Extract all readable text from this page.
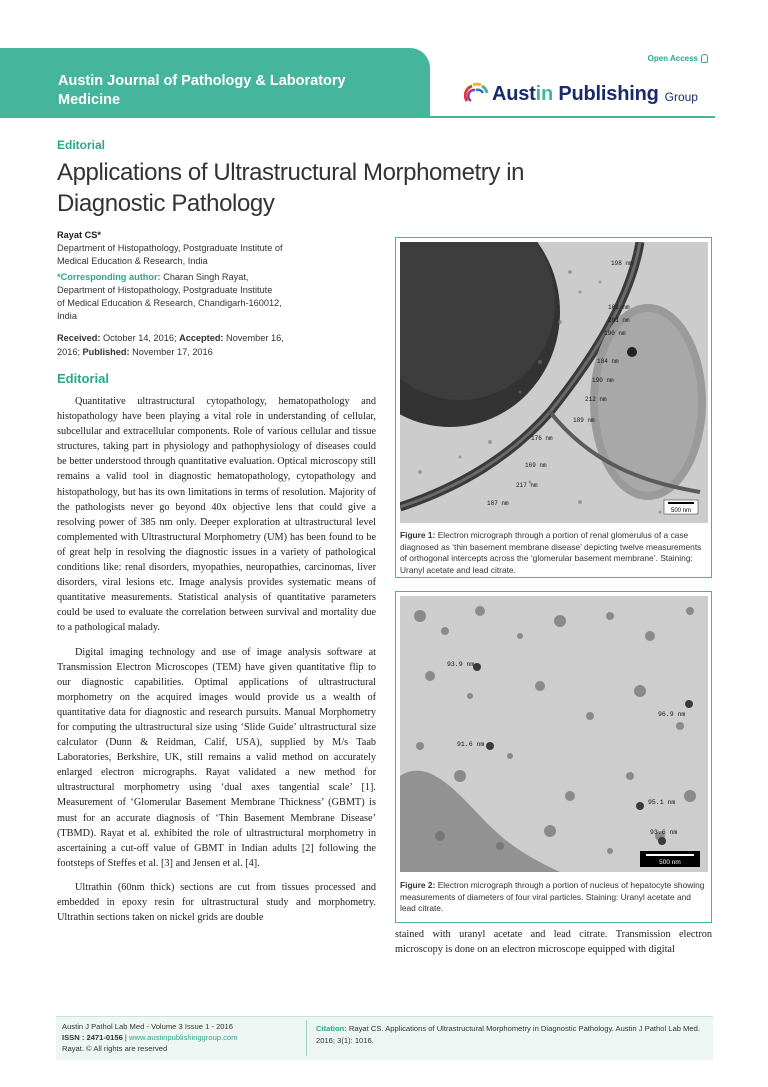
Austin Journal of Pathology & Laboratory
Medicine
Open Access
Austin Publishing Group
Editorial
Applications of Ultrastructural Morphometry in
Diagnostic Pathology
Rayat CS*
Department of Histopathology, Postgraduate Institute of
Medical Education & Research, India
*Corresponding author: Charan Singh Rayat,
Department of Histopathology, Postgraduate Institute
of Medical Education & Research, Chandigarh-160012,
India
Received: October 14, 2016; Accepted: November 16,
2016; Published: November 17, 2016
Editorial

Quantitative ultrastructural cytopathology, hematopathology and histopathology have been playing a vital role in understanding of cellular, subcellular and extracellular components. Role of various cellular and tissue structures, taking part in physiology and pathophysiology of diseases could be better understood through quantitative evaluation. Optical microscopy still remains a valid tool in diagnostic hematopathology, cytopathology and histopathology, but has its own limitations in terms of resolution. Majority of the pathologists never go beyond 40x objective lens that could give a resolving power of 385 nm only. Deeper exploration at ultrastructural level complemented with Ultrastructural Morphometry (UM) has been found to be of great help in resolving the diagnostic issues in a variety of pathological conditions like: renal disorders, myopathies, neuropathies, carcinomas, liver disorders, viral lesions etc. Image analysis provides systematic means of quantitative measurements. Statistical analysis of quantitative parameters could be used to evaluate the correlation between survival and mortality due to a pathological malady.

Digital imaging technology and use of image analysis software at Transmission Electron Microscopes (TEM) have given quantitative flip to our diagnostic capabilities. Optimal applications of ultrastructural morphometry on the acquired images would provide us a wealth of quantitative data for diagnostic and research pursuits. Manual Morphometry for computing the ultrastructural size using ‘Slide Guide’ ultrastructural size calculator (Dunn & Reidman, Calif, USA), supplied by M/s Taab Laboratories, Berkshire, UK, still remains a valid method on accurately enlarged electron micrographs. Rayat validated a new method for ultrastructural morphometry using ‘dual axes tangential scale’ [1]. Measurement of ‘Glomerular Basement Membrane Thickness’ (GBMT) is must for an accurate diagnosis of ‘Thin Basement Membrane Disease’ (TBMD). Rayat et al. exhibited the role of ultrastructural morphometry in ascertaining a cut-off value of GBMT in Indian adults [2] following the footsteps of Steffes et al. [3] and Jensen et al. [4].

Ultrathin (60nm thick) sections are cut from tissues processed and embedded in epoxy resin for ultrastructural study and morphometry. Ultrathin sections taken on nickel grids are double

500 nm
198 nm
162 nm
201 nm
190 nm
184 nm
190 nm
212 nm
189 nm
176 nm
169 nm
217 nm
187 nm
Figure 1: Electron micrograph through a portion of renal glomerulus of a case diagnosed as ‘thin basement membrane disease’ depicting twelve measurements of orthogonal intercepts across the ‘glomerular basement membrane’. Staining: Uranyl acetate and lead citrate.
93.9 nm
96.9 nm
91.6 nm
95.1 nm
93.6 nm
500 nm
Figure 2: Electron micrograph through a portion of nucleus of hepatocyte showing measurements of diameters of four viral particles. Staining: Uranyl acetate and lead citrate.
stained with uranyl acetate and lead citrate. Transmission electron microscopy is done on an electron microscope equipped with digital
Austin J Pathol Lab Med - Volume 3 Issue 1 - 2016
ISSN : 2471-0156 | www.austinpublishinggroup.com
Rayat. © All rights are reserved
Citation: Rayat CS. Applications of Ultrastructural Morphometry in Diagnostic Pathology. Austin J Pathol Lab Med. 2016; 3(1): 1016.
